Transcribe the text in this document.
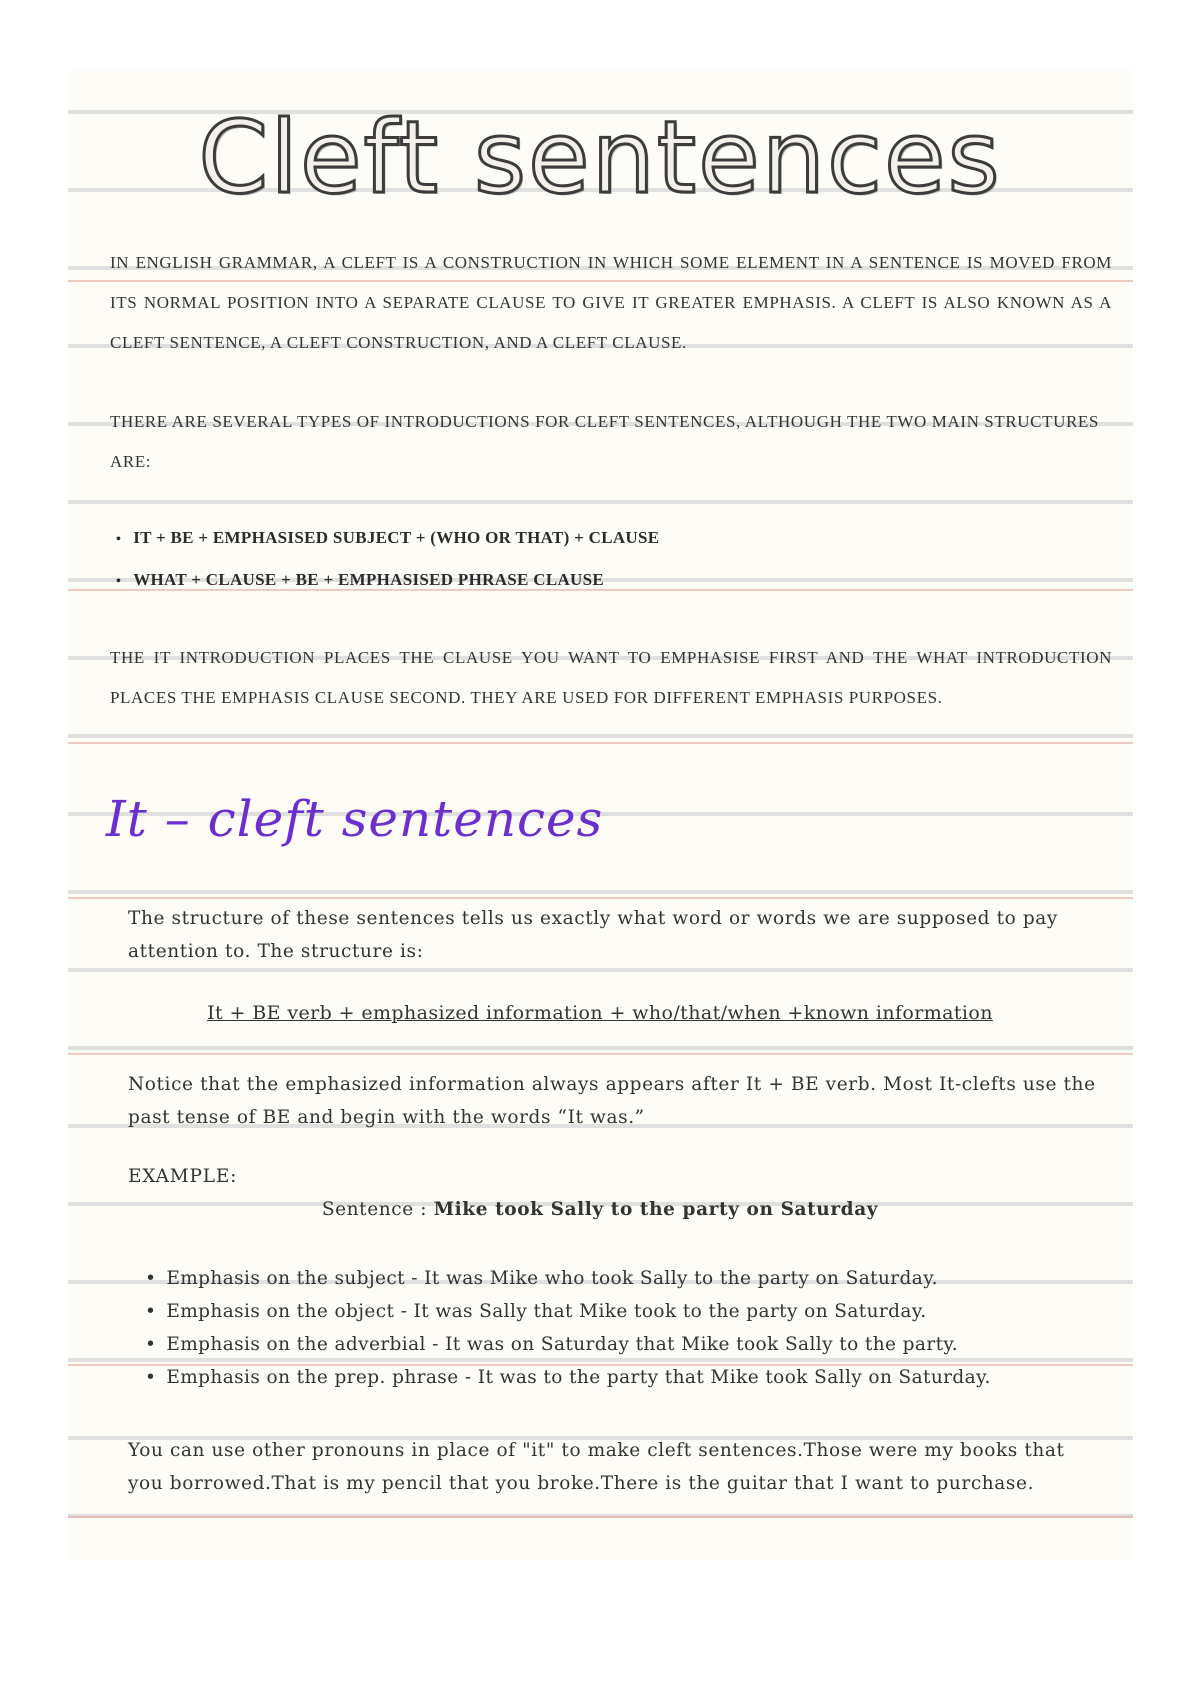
Cleft sentences

IN ENGLISH GRAMMAR, A CLEFT IS A CONSTRUCTION IN WHICH SOME ELEMENT IN A SENTENCE IS MOVED FROM ITS NORMAL POSITION INTO A SEPARATE CLAUSE TO GIVE IT GREATER EMPHASIS. A CLEFT IS ALSO KNOWN AS A CLEFT SENTENCE, A CLEFT CONSTRUCTION, AND A CLEFT CLAUSE.

THERE ARE SEVERAL TYPES OF INTRODUCTIONS FOR CLEFT SENTENCES, ALTHOUGH THE TWO MAIN STRUCTURES ARE:

• IT + BE + EMPHASISED SUBJECT + (WHO OR THAT) + CLAUSE
• WHAT + CLAUSE + BE + EMPHASISED PHRASE CLAUSE

THE IT INTRODUCTION PLACES THE CLAUSE YOU WANT TO EMPHASISE FIRST AND THE WHAT INTRODUCTION PLACES THE EMPHASIS CLAUSE SECOND. THEY ARE USED FOR DIFFERENT EMPHASIS PURPOSES.

It – cleft sentences

The structure of these sentences tells us exactly what word or words we are supposed to pay attention to. The structure is:

It + BE verb + emphasized information + who/that/when +known information

Notice that the emphasized information always appears after It + BE verb. Most It-clefts use the past tense of BE and begin with the words “It was.”

EXAMPLE:
Sentence : Mike took Sally to the party on Saturday
• Emphasis on the subject - It was Mike who took Sally to the party on Saturday.
• Emphasis on the object - It was Sally that Mike took to the party on Saturday.
• Emphasis on the adverbial - It was on Saturday that Mike took Sally to the party.
• Emphasis on the prep. phrase - It was to the party that Mike took Sally on Saturday.

You can use other pronouns in place of "it" to make cleft sentences.Those were my books that you borrowed.That is my pencil that you broke.There is the guitar that I want to purchase.
